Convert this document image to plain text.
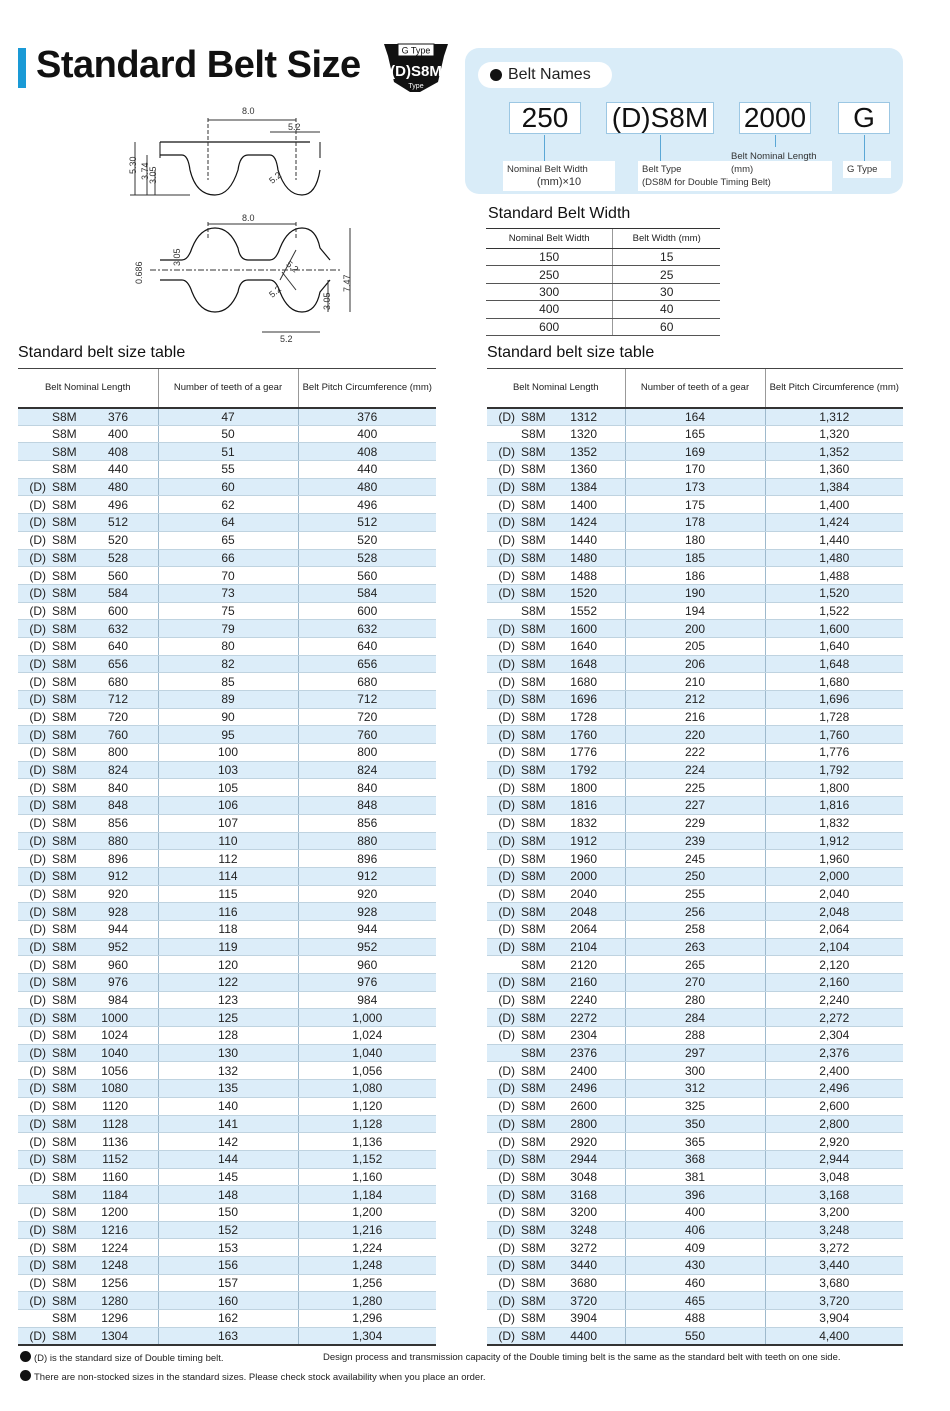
Standard Belt Size	G Type
(D)S8M
Type
Belt Names
250	(D)S8M 2000	G
Nominal Belt Width
(mm)×10
Belt Type
(DS8M for Double Timing Belt)
Belt Nominal Length (mm)	G Type
8.0
5.2
5.30 3.74
3.05	5.2
8.0
3.05
0.686	5.2
5.2	7.47
3.05
5.2
Standard Belt Width
Nominal Belt Width	Belt Width (mm)
150	15
250	25
300	30
400	40
600	60
Standard belt size table	Standard belt size table
Belt Nominal Length	Number of teeth of a gear	Belt Pitch Circumference (mm)

S8M 376	47	376

S8M 400	50	400

S8M 408	51	408

S8M 440	55	440

(D) S8M 480	60	480

(D) S8M 496	62	496

(D) S8M 512	64	512

(D) S8M 520	65	520

(D) S8M 528	66	528

(D) S8M 560	70	560

(D) S8M 584	73	584

(D) S8M 600	75	600

(D) S8M 632	79	632

(D) S8M 640	80	640

(D) S8M 656	82	656

(D) S8M 680	85	680

(D) S8M 712	89	712

(D) S8M 720	90	720

(D) S8M 760	95	760

(D) S8M 800	100	800

(D) S8M 824	103	824

(D) S8M 840	105	840

(D) S8M 848	106	848

(D) S8M 856	107	856

(D) S8M 880	110	880

(D) S8M 896	112	896

(D) S8M 912	114	912

(D) S8M 920	115	920

(D) S8M 928	116	928

(D) S8M 944	118	944

(D) S8M 952	119	952

(D) S8M 960	120	960

(D) S8M 976	122	976

(D) S8M 984	123	984

(D) S8M 1000	125	1,000

(D) S8M 1024	128	1,024

(D) S8M 1040	130	1,040

(D) S8M 1056	132	1,056

(D) S8M 1080	135	1,080

(D) S8M 1120	140	1,120

(D) S8M 1128	141	1,128

(D) S8M 1136	142	1,136

(D) S8M 1152	144	1,152

(D) S8M 1160	145	1,160

S8M 1184	148	1,184

(D) S8M 1200	150	1,200

(D) S8M 1216	152	1,216

(D) S8M 1224	153	1,224

(D) S8M 1248	156	1,248

(D) S8M 1256	157	1,256

(D) S8M 1280	160	1,280

S8M 1296	162	1,296

(D) S8M 1304	163	1,304
Belt Nominal Length	Number of teeth of a gear	Belt Pitch Circumference (mm)

(D) S8M 1312	164	1,312

S8M 1320	165	1,320

(D) S8M 1352	169	1,352

(D) S8M 1360	170	1,360

(D) S8M 1384	173	1,384

(D) S8M 1400	175	1,400

(D) S8M 1424	178	1,424

(D) S8M 1440	180	1,440

(D) S8M 1480	185	1,480

(D) S8M 1488	186	1,488

(D) S8M 1520	190	1,520

S8M 1552	194	1,522

(D) S8M 1600	200	1,600

(D) S8M 1640	205	1,640

(D) S8M 1648	206	1,648

(D) S8M 1680	210	1,680

(D) S8M 1696	212	1,696

(D) S8M 1728	216	1,728

(D) S8M 1760	220	1,760

(D) S8M 1776	222	1,776

(D) S8M 1792	224	1,792

(D) S8M 1800	225	1,800

(D) S8M 1816	227	1,816

(D) S8M 1832	229	1,832

(D) S8M 1912	239	1,912

(D) S8M 1960	245	1,960

(D) S8M 2000	250	2,000

(D) S8M 2040	255	2,040

(D) S8M 2048	256	2,048

(D) S8M 2064	258	2,064

(D) S8M 2104	263	2,104

S8M 2120	265	2,120

(D) S8M 2160	270	2,160

(D) S8M 2240	280	2,240

(D) S8M 2272	284	2,272

(D) S8M 2304	288	2,304

S8M 2376	297	2,376

(D) S8M 2400	300	2,400

(D) S8M 2496	312	2,496

(D) S8M 2600	325	2,600

(D) S8M 2800	350	2,800

(D) S8M 2920	365	2,920

(D) S8M 2944	368	2,944

(D) S8M 3048	381	3,048

(D) S8M 3168	396	3,168

(D) S8M 3200	400	3,200

(D) S8M 3248	406	3,248

(D) S8M 3272	409	3,272

(D) S8M 3440	430	3,440

(D) S8M 3680	460	3,680

(D) S8M 3720	465	3,720

(D) S8M 3904	488	3,904

(D) S8M 4400	550	4,400
(D) is the standard size of Double timing belt.	Design process and transmission capacity of the Double timing belt is the same as the standard belt with teeth on one side.
There are non-stocked sizes in the standard sizes. Please check stock availability when you place an order.
